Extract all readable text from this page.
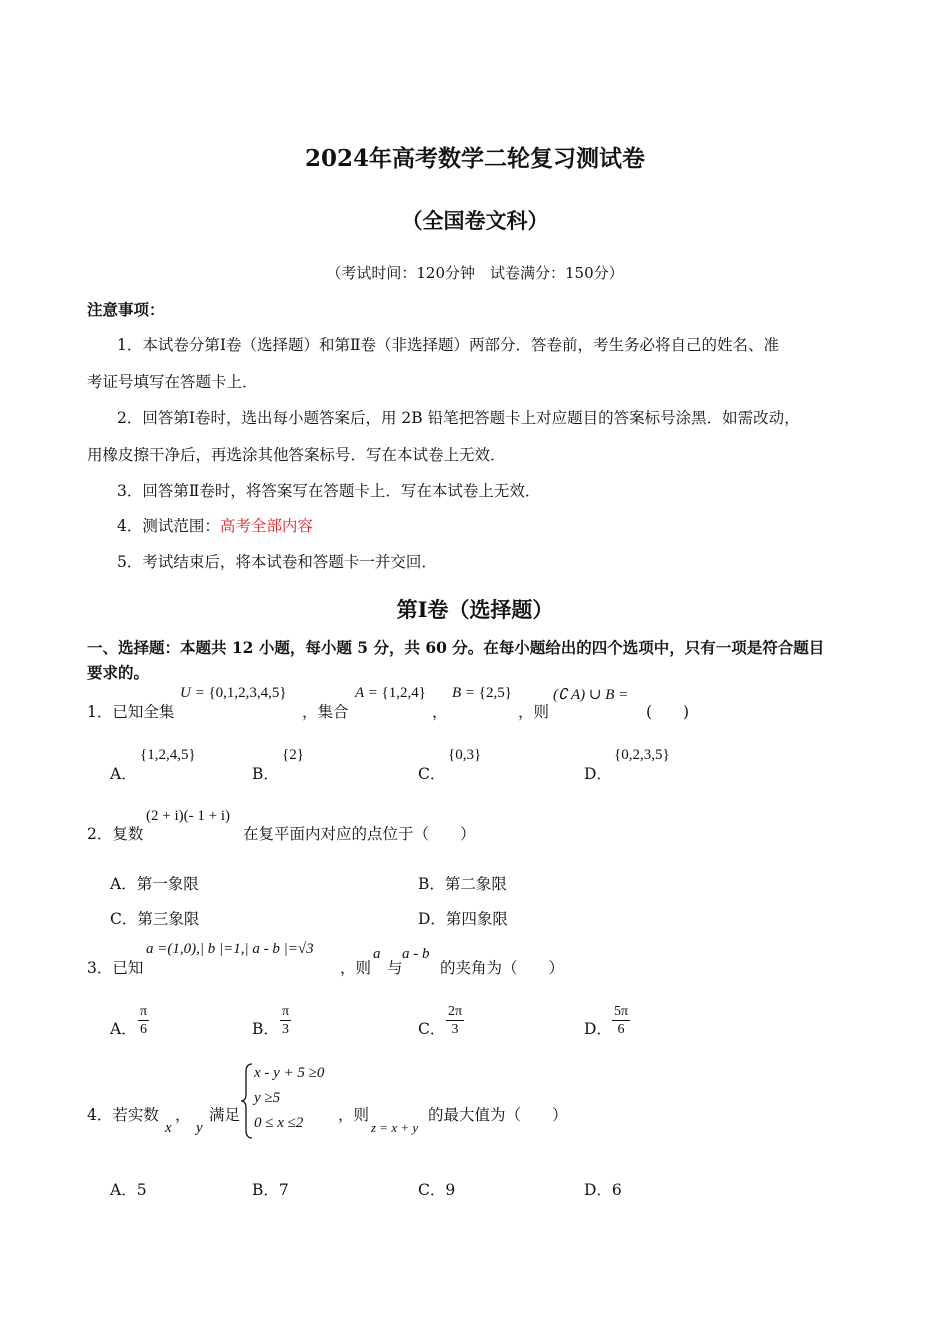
2024年高考数学二轮复习测试卷
（全国卷文科）
（考试时间：120分钟　试卷满分：150分）
注意事项：
1．本试卷分第Ⅰ卷（选择题）和第Ⅱ卷（非选择题）两部分．答卷前，考生务必将自己的姓名、准
考证号填写在答题卡上．
2．回答第Ⅰ卷时，选出每小题答案后，用 2B 铅笔把答题卡上对应题目的答案标号涂黑．如需改动，
用橡皮擦干净后，再选涂其他答案标号．写在本试卷上无效．
3．回答第Ⅱ卷时，将答案写在答题卡上．写在本试卷上无效．
4．测试范围：高考全部内容
5．考试结束后，将本试卷和答题卡一并交回．
第Ⅰ卷（选择题）
一、选择题：本题共 12 小题，每小题 5 分，共 60 分。在每小题给出的四个选项中，只有一项是符合题目
要求的。
1．已知全集
U = {0,1,2,3,4,5}
，集合
A = {1,2,4}
，
B = {2,5}
，则
(∁ A) ∪ B =
(　　)
A．
{1,2,4,5}
B．
{2}
C．
{0,3}
D．
{0,2,3,5}
2．复数
(2 + i)(- 1 + i)
在复平面内对应的点位于（　　）
A．第一象限	B．第二象限
C．第三象限	D．第四象限
3．已知
a =(1,0),| b |=1,| a - b |=√3
，则
a
与
a - b
的夹角为（　　）
A． $\frac{\pi}{6}$	B． $\frac{\pi}{3}$	C． $\frac{2\pi}{3}$	D． $\frac{5\pi}{6}$
4．若实数
x
，
y
满足
x - y + 5 ≥0
y ≥5
0 ≤ x ≤2 ，则
z = x + y
的最大值为（　　）
A．5	B．7	C．9	D．6
